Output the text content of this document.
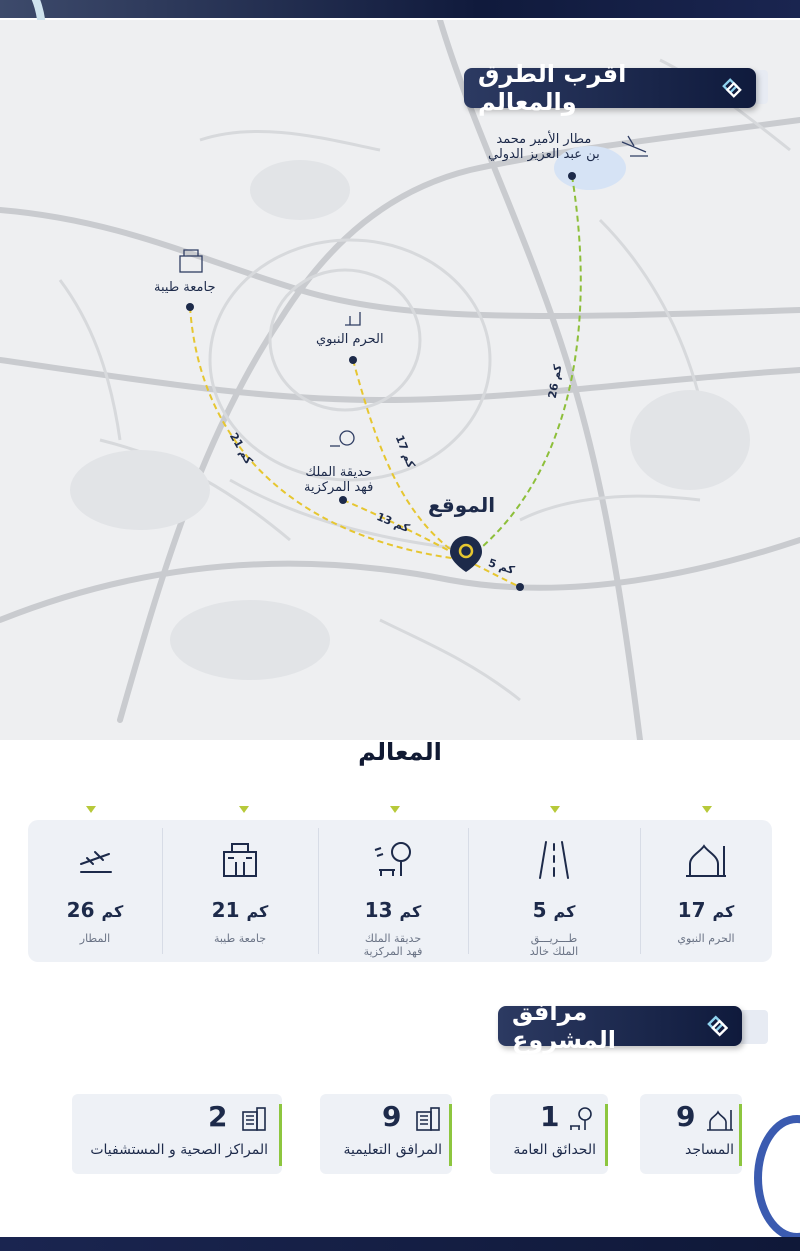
مطار الأمير محمد
بن عبد العزيز الدولي
جامعة طيبة
الحرم النبوي
حديقة الملك
فهد المركزية
الموقع
26 كم
21 كم
17 كم
13 كم
5 كم
اقرب الطرق والمعالم
المعالم
26 كم
المطار
21 كم
جامعة طيبة
13 كم
حديقة الملك
فهد المركزية
5 كم
طـــريـــق
الملك خالد
17 كم
الحرم النبوي
مرافق المشروع
9
المساجد
1
الحدائق العامة
9
المرافق التعليمية
2
المراكز الصحية و المستشفيات
